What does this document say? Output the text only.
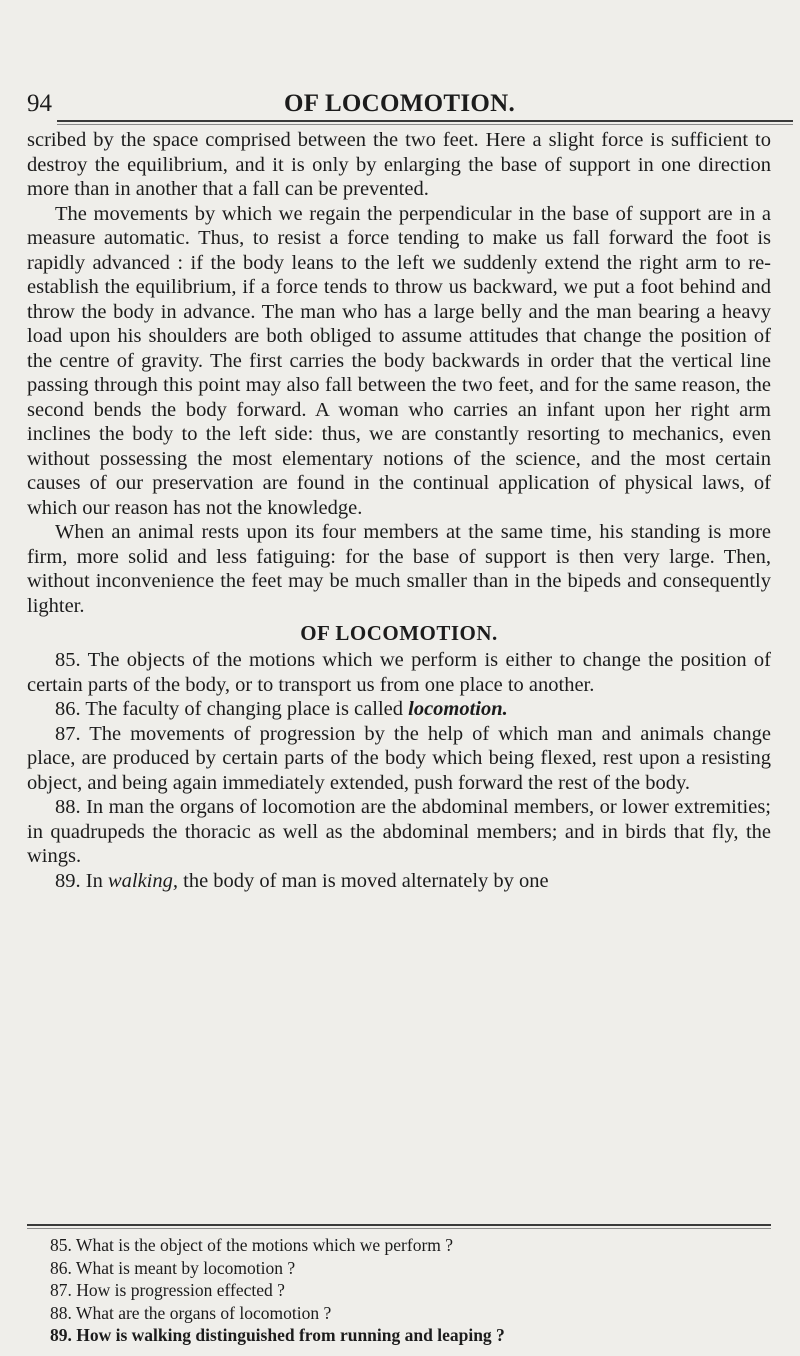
94	OF LOCOMOTION.

scribed by the space comprised between the two feet. Here a slight force is sufficient to destroy the equilibrium, and it is only by enlarging the base of support in one direction more than in another that a fall can be prevented.

The movements by which we regain the perpendicular in the base of support are in a measure automatic. Thus, to resist a force tending to make us fall forward the foot is rapidly advanced : if the body leans to the left we suddenly extend the right arm to re-establish the equilibrium, if a force tends to throw us backward, we put a foot behind and throw the body in advance. The man who has a large belly and the man bearing a heavy load upon his shoulders are both obliged to assume attitudes that change the position of the centre of gravity. The first carries the body backwards in order that the vertical line passing through this point may also fall between the two feet, and for the same reason, the second bends the body forward. A woman who carries an infant upon her right arm inclines the body to the left side: thus, we are constantly resorting to mechanics, even without possessing the most elementary notions of the science, and the most certain causes of our preservation are found in the continual application of physical laws, of which our reason has not the knowledge.

When an animal rests upon its four members at the same time, his standing is more firm, more solid and less fatiguing: for the base of support is then very large. Then, without inconvenience the feet may be much smaller than in the bipeds and consequently lighter.

OF LOCOMOTION.

85. The objects of the motions which we perform is either to change the position of certain parts of the body, or to transport us from one place to another.

86. The faculty of changing place is called locomotion.

87. The movements of progression by the help of which man and animals change place, are produced by certain parts of the body which being flexed, rest upon a resisting object, and being again immediately extended, push forward the rest of the body.

88. In man the organs of locomotion are the abdominal members, or lower extremities; in quadrupeds the thoracic as well as the abdominal members; and in birds that fly, the wings.

89. In walking, the body of man is moved alternately by one

85. What is the object of the motions which we perform ?
86. What is meant by locomotion ?
87. How is progression effected ?
88. What are the organs of locomotion ?
89. How is walking distinguished from running and leaping ?
